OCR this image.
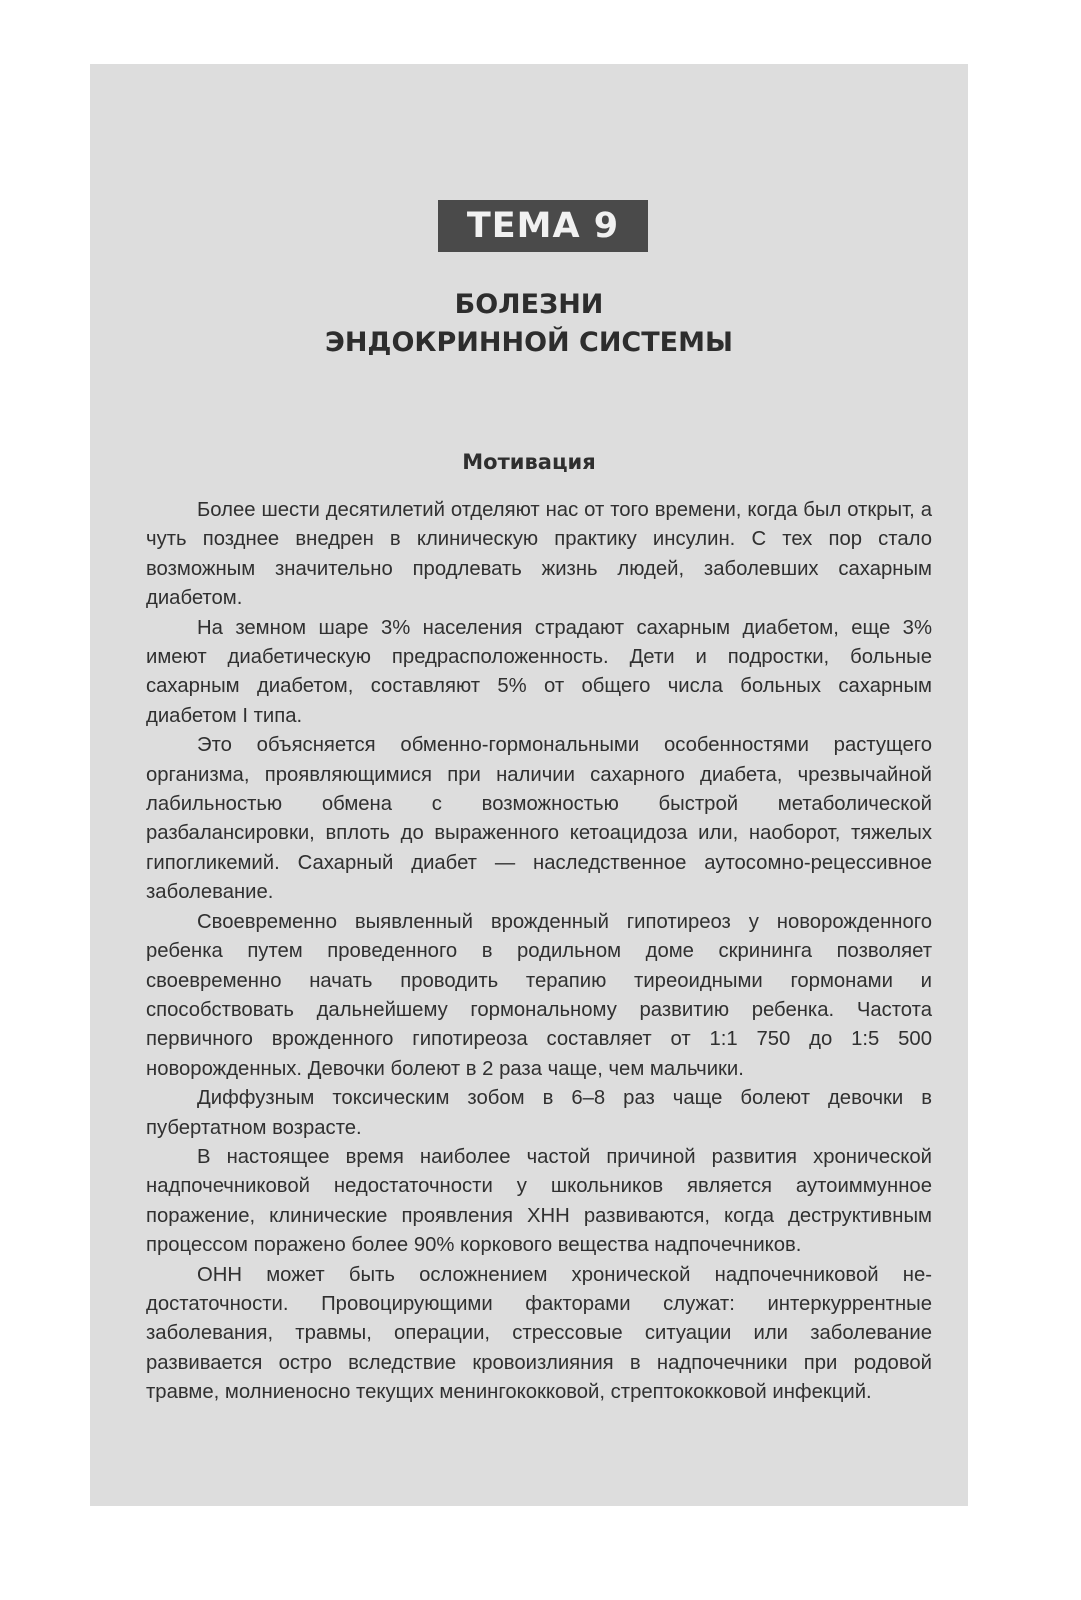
ТЕМА 9
БОЛЕЗНИ
ЭНДОКРИННОЙ СИСТЕМЫ
Мотивация

Более шести десятилетий отделяют нас от того времени, когда был открыт, а чуть позднее внедрен в клиническую практику инсулин. С тех пор стало возможным значительно продлевать жизнь людей, заболевших сахарным диабетом.

На земном шаре 3% населения страдают сахарным диабетом, еще 3% имеют диабетическую предрасположенность. Дети и подростки, больные сахарным диабетом, составляют 5% от общего числа больных сахарным диабетом I типа.

Это объясняется обменно-гормональными особенностями растущего организма, проявляющимися при наличии сахарного диабета, чрезвычайной лабильностью обмена с возможностью быстрой метаболической разбалансировки, вплоть до выраженного кетоацидоза или, наоборот, тяжелых гипогликемий. Сахарный диабет — наследственное аутосомно-рецессивное заболевание.

Своевременно выявленный врожденный гипотиреоз у новорожденного ребенка путем проведенного в родильном доме скрининга позволяет своевременно начать проводить терапию тиреоидными гормонами и способствовать дальнейшему гормональному развитию ребенка. Частота первичного врожденного гипотиреоза составляет от 1:1 750 до 1:5 500 новорожденных. Девочки болеют в 2 раза чаще, чем мальчики.

Диффузным токсическим зобом в 6–8 раз чаще болеют девочки в пубертатном возрасте.

В настоящее время наиболее частой причиной развития хронической надпочечниковой недостаточности у школьников является аутоиммунное поражение, клинические проявления ХНН развиваются, когда деструктивным процессом поражено более 90% коркового вещества надпочечников.

ОНН может быть осложнением хронической надпочечниковой недостаточности. Провоцирующими факторами служат: интеркуррентные заболевания, травмы, операции, стрессовые ситуации или заболевание развивается остро вследствие кровоизлияния в надпочечники при родовой травме, молниеносно текущих менингококковой, стрептококковой инфекций.
